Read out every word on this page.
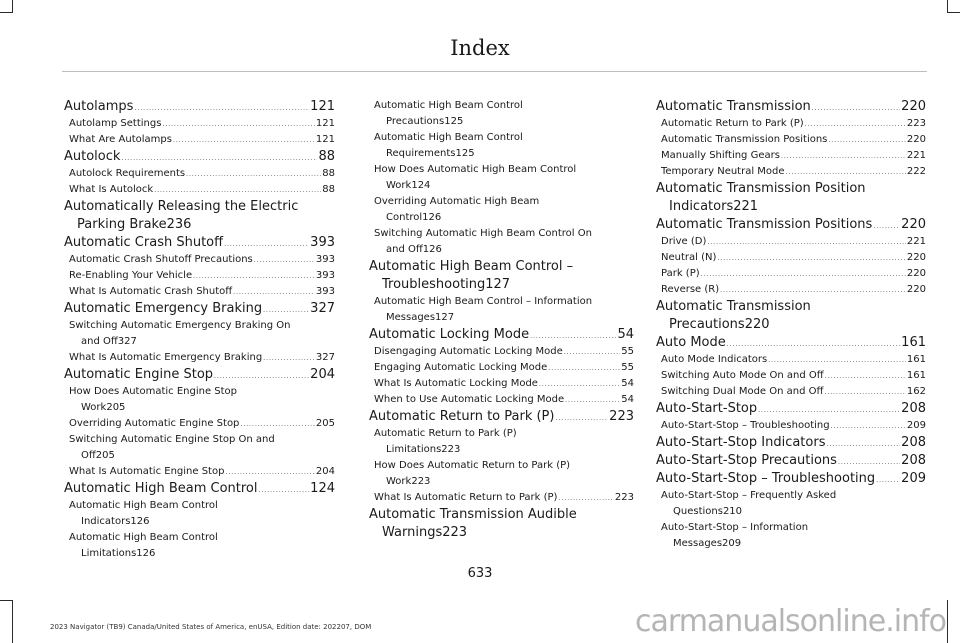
Index
Autolamps .....	121
Autolamp Settings .....	121
What Are Autolamps .....	121
Autolock .....	88
Autolock Requirements .....	88
What Is Autolock .....	88
Automatically Releasing the Electric
Parking Brake 236
Automatic Crash Shutoff .....	393
Automatic Crash Shutoff Precautions .....	393
Re-Enabling Your Vehicle .....	393
What Is Automatic Crash Shutoff .....	393
Automatic Emergency Braking .....	327
Switching Automatic Emergency Braking On
and Off 327
What Is Automatic Emergency Braking .....	327
Automatic Engine Stop .....	204
How Does Automatic Engine Stop
Work 205
Overriding Automatic Engine Stop .....	205
Switching Automatic Engine Stop On and
Off 205
What Is Automatic Engine Stop .....	204
Automatic High Beam Control .....	124
Automatic High Beam Control
Indicators 126
Automatic High Beam Control
Limitations 126
Automatic High Beam Control
Precautions 125
Automatic High Beam Control
Requirements 125
How Does Automatic High Beam Control
Work 124
Overriding Automatic High Beam
Control 126
Switching Automatic High Beam Control On
and Off 126
Automatic High Beam Control –
Troubleshooting 127
Automatic High Beam Control – Information
Messages 127
Automatic Locking Mode .....	54
Disengaging Automatic Locking Mode .....	55
Engaging Automatic Locking Mode .....	55
What Is Automatic Locking Mode .....	54
When to Use Automatic Locking Mode .....	54
Automatic Return to Park (P) .....	223
Automatic Return to Park (P)
Limitations 223
How Does Automatic Return to Park (P)
Work 223
What Is Automatic Return to Park (P) .....	223
Automatic Transmission Audible
Warnings 223
Automatic Transmission .....	220
Automatic Return to Park (P) .....	223
Automatic Transmission Positions .....	220
Manually Shifting Gears .....	221
Temporary Neutral Mode .....	222
Automatic Transmission Position
Indicators 221
Automatic Transmission Positions ..... 220
Drive (D) .....	221
Neutral (N) .....	220
Park (P) .....	220
Reverse (R) .....	220
Automatic Transmission
Precautions 220
Auto Mode .....	161
Auto Mode Indicators .....	161
Switching Auto Mode On and Off .....	161
Switching Dual Mode On and Off .....	162
Auto-Start-Stop .....	208
Auto-Start-Stop – Troubleshooting .....	209
Auto-Start-Stop Indicators .....	208
Auto-Start-Stop Precautions .....	208
Auto-Start-Stop – Troubleshooting ..... 209
Auto-Start-Stop – Frequently Asked
Questions 210
Auto-Start-Stop – Information
Messages 209
633
2023 Navigator (TB9) Canada/United States of America, enUSA, Edition date: 202207, DOM	carmanualsonline.info
